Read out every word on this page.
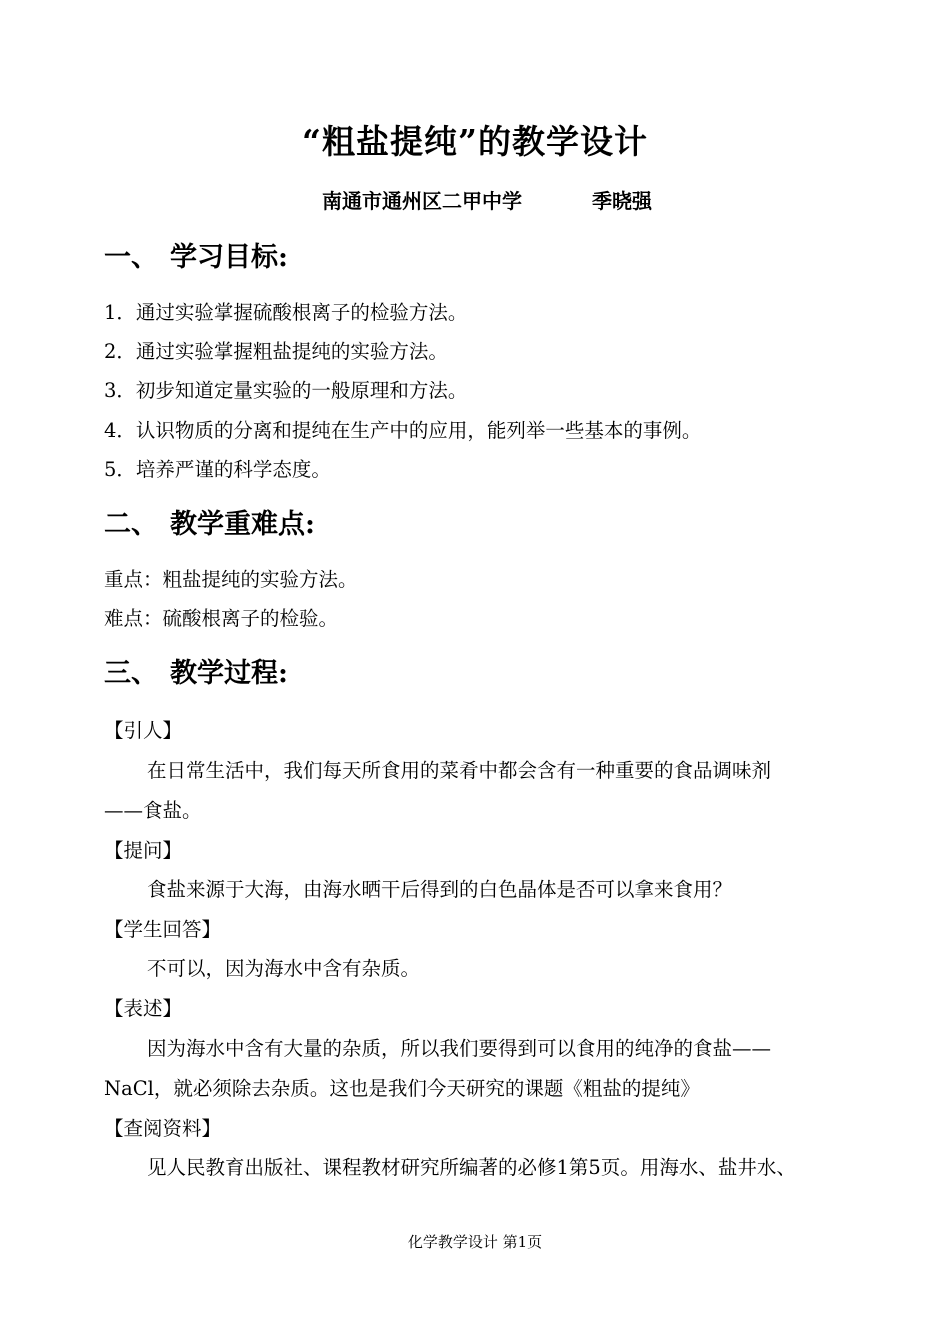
“粗盐提纯”的教学设计
南通市通州区二甲中学	季晓强
一、 学习目标:
1．通过实验掌握硫酸根离子的检验方法。
2．通过实验掌握粗盐提纯的实验方法。
3．初步知道定量实验的一般原理和方法。
4．认识物质的分离和提纯在生产中的应用，能列举一些基本的事例。
5．培养严谨的科学态度。
二、 教学重难点:
重点：粗盐提纯的实验方法。
难点：硫酸根离子的检验。
三、 教学过程:
【引人】
在日常生活中，我们每天所食用的菜肴中都会含有一种重要的食品调味剂
——食盐。
【提问】
食盐来源于大海，由海水晒干后得到的白色晶体是否可以拿来食用？
【学生回答】
不可以，因为海水中含有杂质。
【表述】
因为海水中含有大量的杂质，所以我们要得到可以食用的纯净的食盐——
NaCl，就必须除去杂质。这也是我们今天研究的课题《粗盐的提纯》
【查阅资料】
见人民教育出版社、课程教材研究所编著的必修1第5页。用海水、盐井水、
化学教学设计 第1页
